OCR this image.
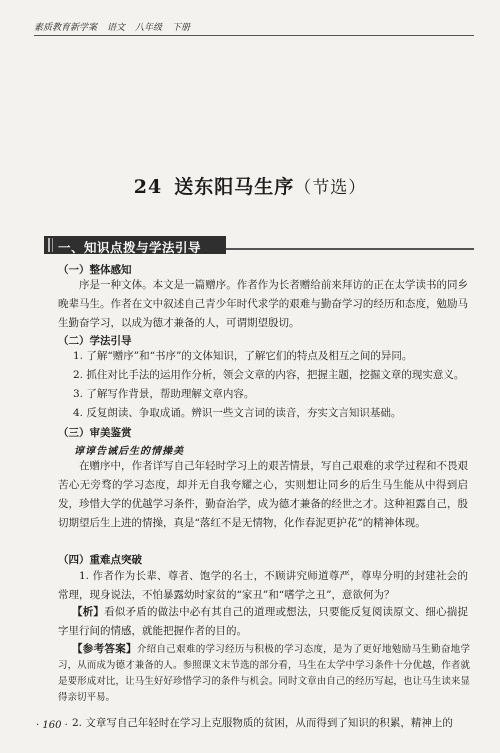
素质教育新学案 语文 八年级 下册
24 送东阳马生序（节选）
一、知识点拨与学法引导
（一）整体感知
序是一种文体。本文是一篇赠序。作者作为长者赠给前来拜访的正在太学读书的同乡晚辈马生。作者在文中叙述自己青少年时代求学的艰难与勤奋学习的经历和态度，勉励马生勤奋学习，以成为德才兼备的人，可谓期望殷切。
（二）学法引导
1. 了解“赠序”和“书序”的文体知识，了解它们的特点及相互之间的异同。
2. 抓住对比手法的运用作分析，领会文章的内容，把握主题，挖掘文章的现实意义。
3. 了解写作背景，帮助理解文章内容。
4. 反复朗读、争取成诵。辨识一些文言词的读音，夯实文言知识基础。
（三）审美鉴赏
谆谆告诫后生的情操美
在赠序中，作者详写自己年轻时学习上的艰苦情景，写自己艰难的求学过程和不畏艰苦心无旁骛的学习态度，却并无自我夸耀之心，实则想让同乡的后生马生能从中得到启发，珍惜大学的优越学习条件，勤奋治学，成为德才兼备的经世之才。这种袒露自己，殷切期望后生上进的情操，真是“落红不是无情物，化作春泥更护花”的精神体现。
（四）重难点突破
1. 作者作为长辈、尊者、饱学的名士，不顾讲究师道尊严，尊卑分明的封建社会的常理，现身说法，不怕暴露幼时家贫的“家丑”和“嗜学之丑”，意欲何为？
【析】看似矛盾的做法中必有其自己的道理或想法，只要能反复阅读原文、细心揣捉字里行间的情感，就能把握作者的目的。
【参考答案】介绍自己艰难的学习经历与积极的学习态度，是为了更好地勉励马生勤奋地学习，从而成为德才兼备的人。参照课文末节选的部分看，马生在太学中学习条件十分优越，作者就是要形成对比，让马生好好珍惜学习的条件与机会。同时文章由自己的经历写起，也让马生读来显得亲切平易。
2. 文章写自己年轻时在学习上克服物质的贫困，从而得到了知识的积累，精神上的
· 160 ·
